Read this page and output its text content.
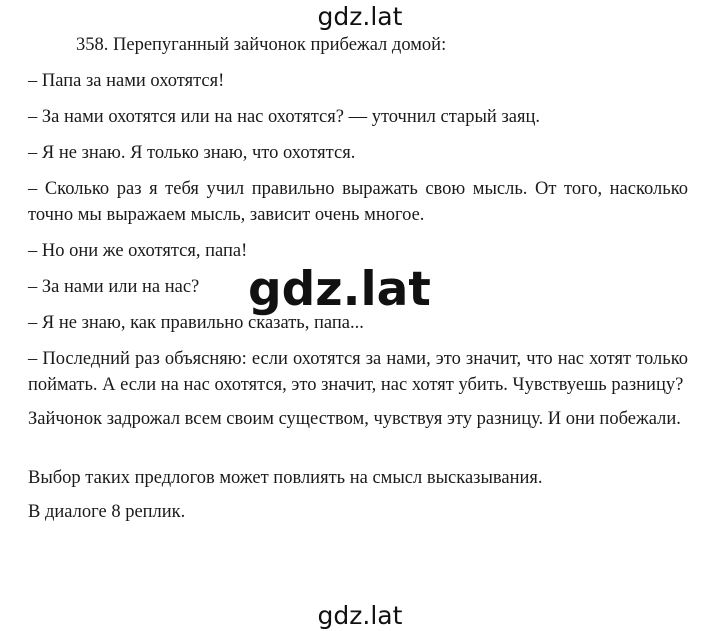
gdz.lat

358. Перепуганный зайчонок прибежал домой:

– Папа за нами охотятся!

– За нами охотятся или на нас охотятся? — уточнил старый заяц.

– Я не знаю. Я только знаю, что охотятся.

– Сколько раз я тебя учил правильно выражать свою мысль. От того, насколько точно мы выражаем мысль, зависит очень многое.

– Но они же охотятся, папа!

– За нами или на нас?

– Я не знаю, как правильно сказать, папа...

– Последний раз объясняю: если охотятся за нами, это значит, что нас хотят только поймать. А если на нас охотятся, это значит, нас хотят убить. Чувствуешь разницу?

Зайчонок задрожал всем своим существом, чувствуя эту разницу. И они побежали.

Выбор таких предлогов может повлиять на смысл высказывания.

В диалоге 8 реплик.

gdz.lat
gdz.lat
